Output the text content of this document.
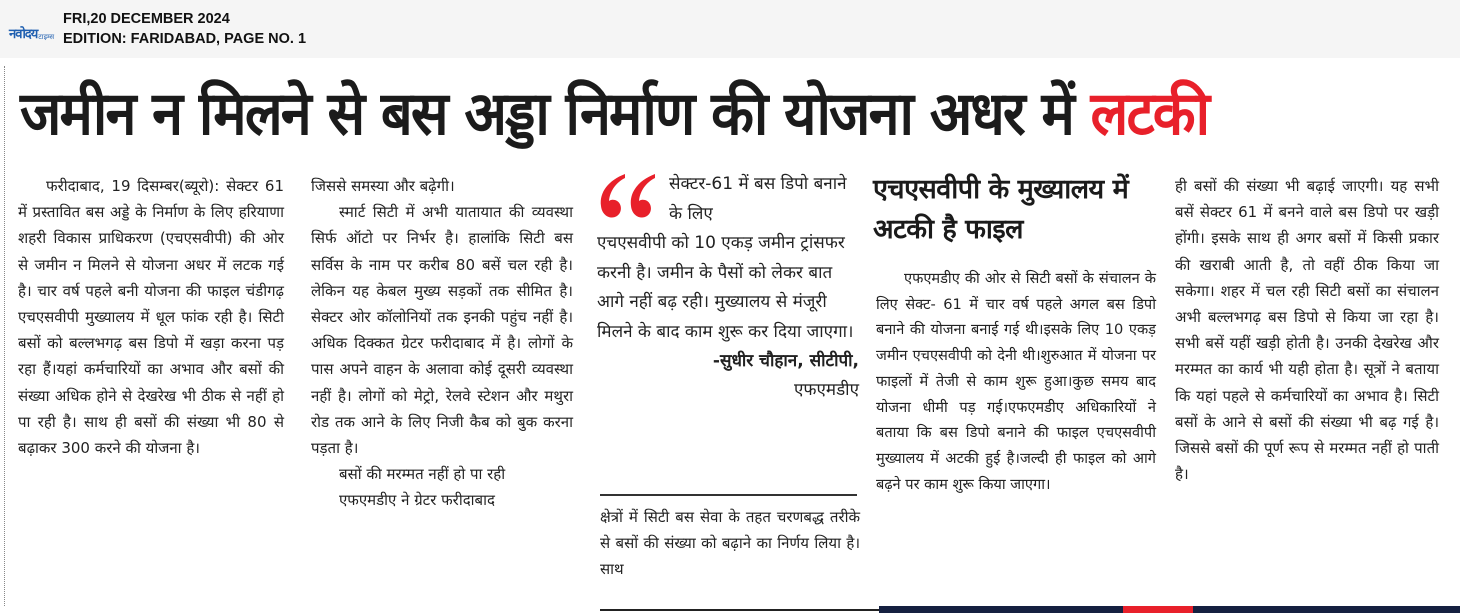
नवोदय टाइम्स
FRI,20 DECEMBER 2024
EDITION: FARIDABAD, PAGE NO. 1
जमीन न मिलने से बस अड्डा निर्माण की योजना अधर में लटकी

फरीदाबाद, 19 दिसम्बर(ब्यूरो): सेक्टर 61 में प्रस्तावित बस अड्डे के निर्माण के लिए हरियाणा शहरी विकास प्राधिकरण (एचएसवीपी) की ओर से जमीन न मिलने से योजना अधर में लटक गई है। चार वर्ष पहले बनी योजना की फाइल चंडीगढ़ एचएसवीपी मुख्यालय में धूल फांक रही है। सिटी बसों को बल्लभगढ़ बस डिपो में खड़ा करना पड़ रहा हैं।यहां कर्मचारियों का अभाव और बसों की संख्या अधिक होने से देखरेख भी ठीक से नहीं हो पा रही है। साथ ही बसों की संख्या भी 80 से बढ़ाकर 300 करने की योजना है।

जिससे समस्या और बढ़ेगी।

स्मार्ट सिटी में अभी यातायात की व्यवस्था सिर्फ ऑटो पर निर्भर है। हालांकि सिटी बस सर्विस के नाम पर करीब 80 बसें चल रही है। लेकिन यह केबल मुख्य सड़कों तक सीमित है। सेक्टर ओर कॉलोनियों तक इनकी पहुंच नहीं है। अधिक दिक्कत ग्रेटर फरीदाबाद में है। लोगों के पास अपने वाहन के अलावा कोई दूसरी व्यवस्था नहीं है। लोगों को मेट्रो, रेलवे स्टेशन और मथुरा रोड तक आने के लिए निजी कैब को बुक करना पड़ता है।

बसों की मरम्मत नहीं हो पा रही

एफएमडीए ने ग्रेटर फरीदाबाद

सेक्टर-61 में बस डिपो बनाने के लिए
एचएसवीपी को 10 एकड़ जमीन ट्रांसफर करनी है। जमीन के पैसों को लेकर बात आगे नहीं बढ़ रही। मुख्यालय से मंजूरी मिलने के बाद काम शुरू कर दिया जाएगा।
-सुधीर चौहान, सीटीपी,
एफएमडीए

क्षेत्रों में सिटी बस सेवा के तहत चरणबद्ध तरीके से बसों की संख्या को बढ़ाने का निर्णय लिया है। साथ

एचएसवीपी के मुख्यालय में अटकी है फाइल

एफएमडीए की ओर से सिटी बसों के संचालन के लिए सेक्ट- 61 में चार वर्ष पहले अगल बस डिपो बनाने की योजना बनाई गई थी।इसके लिए 10 एकड़ जमीन एचएसवीपी को देनी थी।शुरुआत में योजना पर फाइलों में तेजी से काम शुरू हुआ।कुछ समय बाद योजना धीमी पड़ गई।एफएमडीए अधिकारियों ने बताया कि बस डिपो बनाने की फाइल एचएसवीपी मुख्यालय में अटकी हुई है।जल्दी ही फाइल को आगे बढ़ने पर काम शुरू किया जाएगा।

ही बसों की संख्या भी बढ़ाई जाएगी। यह सभी बसें सेक्टर 61 में बनने वाले बस डिपो पर खड़ी होंगी। इसके साथ ही अगर बसों में किसी प्रकार की खराबी आती है, तो वहीं ठीक किया जा सकेगा। शहर में चल रही सिटी बसों का संचालन अभी बल्लभगढ़ बस डिपो से किया जा रहा है। सभी बसें यहीं खड़ी होती है। उनकी देखरेख और मरम्मत का कार्य भी यही होता है। सूत्रों ने बताया कि यहां पहले से कर्मचारियों का अभाव है। सिटी बसों के आने से बसों की संख्या भी बढ़ गई है। जिससे बसों की पूर्ण रूप से मरम्मत नहीं हो पाती है।
